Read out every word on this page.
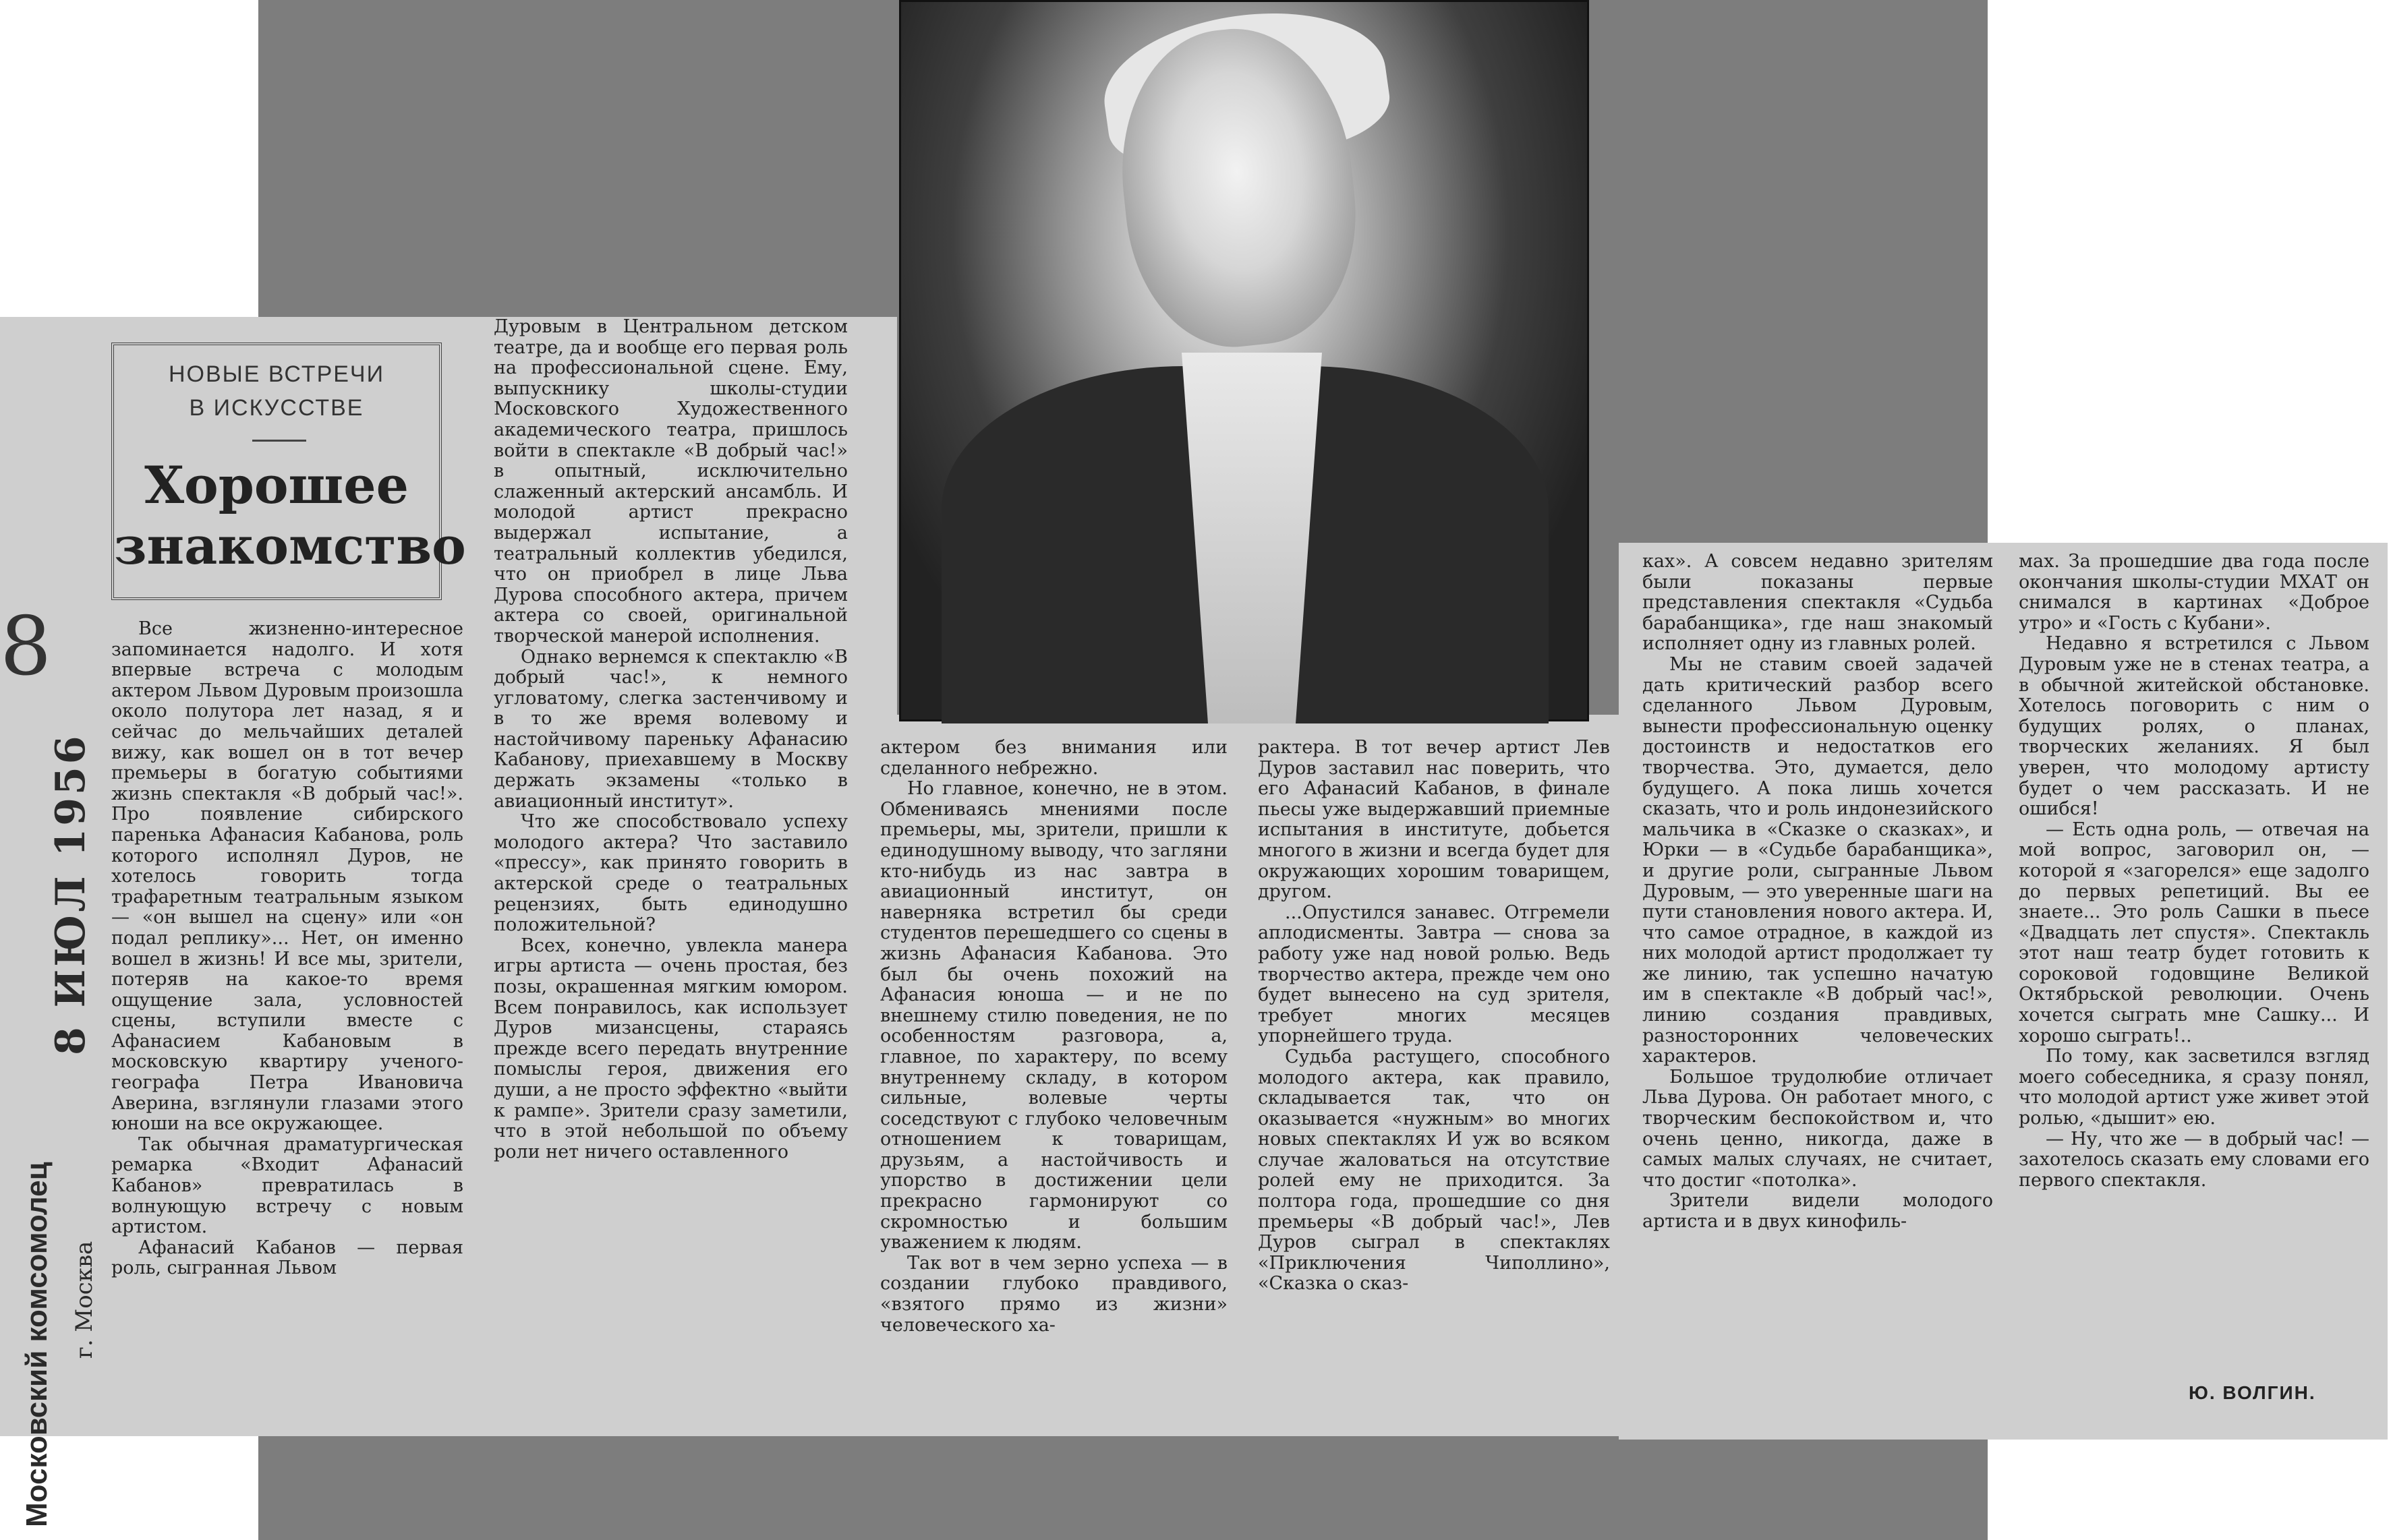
8
8 ИЮЛ 1956
Московский комсомолец г. Москва
НОВЫЕ ВСТРЕЧИ
В ИСКУССТВЕ
Хорошее
знакомство

Все жизненно-интересное запоминается надолго. И хотя впервые встреча с молодым актером Львом Дуровым произошла около полутора лет назад, я и сейчас до мельчайших деталей вижу, как вошел он в тот вечер премьеры в богатую событиями жизнь спектакля «В добрый час!». Про появление сибирского паренька Афанасия Кабанова, роль которого исполнял Дуров, не хотелось говорить тогда трафаретным театральным языком — «он вышел на сцену» или «он подал реплику»... Нет, он именно вошел в жизнь! И все мы, зрители, потеряв на какое-то время ощущение зала, условностей сцены, вступили вместе с Афанасием Кабановым в московскую квартиру ученого-географа Петра Ивановича Аверина, взглянули глазами этого юноши на все окружающее.

Так обычная драматургическая ремарка «Входит Афанасий Кабанов» превратилась в волнующую встречу с новым артистом.

Афанасий Кабанов — первая роль, сыгранная Львом

Дуровым в Центральном детском театре, да и вообще его первая роль на профессиональной сцене. Ему, выпускнику школы-студии Московского Художественного академического театра, пришлось войти в спектакле «В добрый час!» в опытный, исключительно слаженный актерский ансамбль. И молодой артист прекрасно выдержал испытание, а театральный коллектив убедился, что он приобрел в лице Льва Дурова способного актера, причем актера со своей, оригинальной творческой манерой исполнения.

Однако вернемся к спектаклю «В добрый час!», к немного угловатому, слегка застенчивому и в то же время волевому и настойчивому пареньку Афанасию Кабанову, приехавшему в Москву держать экзамены «только в авиационный институт».

Что же способствовало успеху молодого актера? Что заставило «прессу», как принято говорить в актерской среде о театральных рецензиях, быть единодушно положительной?

Всех, конечно, увлекла манера игры артиста — очень простая, без позы, окрашенная мягким юмором. Всем понравилось, как использует Дуров мизансцены, стараясь прежде всего передать внутренние помыслы героя, движения его души, а не просто эффектно «выйти к рампе». Зрители сразу заметили, что в этой небольшой по объему роли нет ничего оставленного

актером без внимания или сделанного небрежно.

Но главное, конечно, не в этом. Обмениваясь мнениями после премьеры, мы, зрители, пришли к единодушному выводу, что загляни кто-нибудь из нас завтра в авиационный институт, он наверняка встретил бы среди студентов перешедшего со сцены в жизнь Афанасия Кабанова. Это был бы очень похожий на Афанасия юноша — и не по внешнему стилю поведения, не по особенностям разговора, а, главное, по характеру, по всему внутреннему складу, в котором сильные, волевые черты соседствуют с глубоко человечным отношением к товарищам, друзьям, а настойчивость и упорство в достижении цели прекрасно гармонируют со скромностью и большим уважением к людям.

Так вот в чем зерно успеха — в создании глубоко правдивого, «взятого прямо из жизни» человеческого ха-

рактера. В тот вечер артист Лев Дуров заставил нас поверить, что его Афанасий Кабанов, в финале пьесы уже выдержавший приемные испытания в институте, добьется многого в жизни и всегда будет для окружающих хорошим товарищем, другом.

...Опустился занавес. Отгремели аплодисменты. Завтра — снова за работу уже над новой ролью. Ведь творчество актера, прежде чем оно будет вынесено на суд зрителя, требует многих месяцев упорнейшего труда.

Судьба растущего, способного молодого актера, как правило, складывается так, что он оказывается «нужным» во многих новых спектаклях И уж во всяком случае жаловаться на отсутствие ролей ему не приходится. За полтора года, прошедшие со дня премьеры «В добрый час!», Лев Дуров сыграл в спектаклях «Приключения Чиполлино», «Сказка о сказ-

ках». А совсем недавно зрителям были показаны первые представления спектакля «Судьба барабанщика», где наш знакомый исполняет одну из главных ролей.

Мы не ставим своей задачей дать критический разбор всего сделанного Львом Дуровым, вынести профессиональную оценку достоинств и недостатков его творчества. Это, думается, дело будущего. А пока лишь хочется сказать, что и роль индонезийского мальчика в «Сказке о сказках», и Юрки — в «Судьбе барабанщика», и другие роли, сыгранные Львом Дуровым, — это уверенные шаги на пути становления нового актера. И, что самое отрадное, в каждой из них молодой артист продолжает ту же линию, так успешно начатую им в спектакле «В добрый час!», линию создания правдивых, разносторонних человеческих характеров.

Большое трудолюбие отличает Льва Дурова. Он работает много, с творческим беспокойством и, что очень ценно, никогда, даже в самых малых случаях, не считает, что достиг «потолка».

Зрители видели молодого артиста и в двух кинофиль-

мах. За прошедшие два года после окончания школы-студии МХАТ он снимался в картинах «Доброе утро» и «Гость с Кубани».

Недавно я встретился с Львом Дуровым уже не в стенах театра, а в обычной житейской обстановке. Хотелось поговорить с ним о будущих ролях, о планах, творческих желаниях. Я был уверен, что молодому артисту будет о чем рассказать. И не ошибся!

— Есть одна роль, — отвечая на мой вопрос, заговорил он, — которой я «загорелся» еще задолго до первых репетиций. Вы ее знаете... Это роль Сашки в пьесе «Двадцать лет спустя». Спектакль этот наш театр будет готовить к сороковой годовщине Великой Октябрьской революции. Очень хочется сыграть мне Сашку... И хорошо сыграть!..

По тому, как засветился взгляд моего собеседника, я сразу понял, что молодой артист уже живет этой ролью, «дышит» ею.

— Ну, что же — в добрый час! — захотелось сказать ему словами его первого спектакля.

Ю. ВОЛГИН.
